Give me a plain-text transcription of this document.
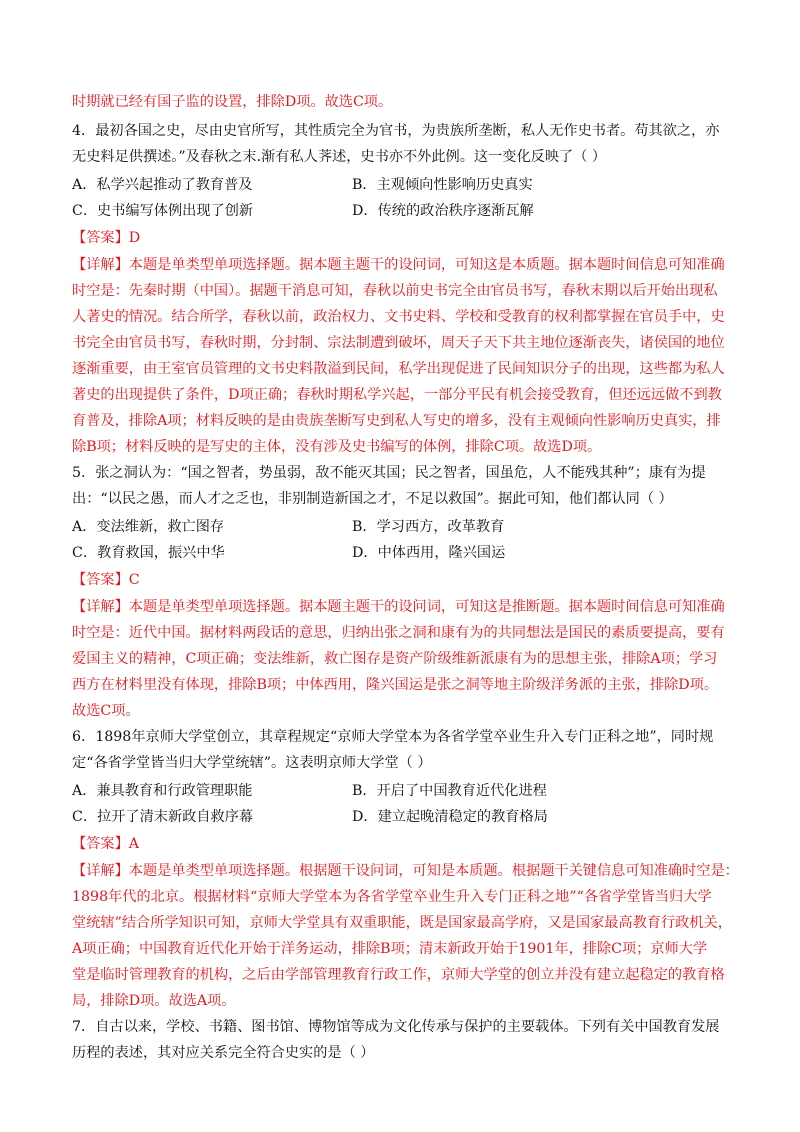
时期就已经有国子监的设置，排除D项。故选C项。
4．最初各国之史，尽由史官所写，其性质完全为官书，为贵族所垄断，私人无作史书者。苟其欲之，亦
无史料足供撰述。”及春秋之末.渐有私人荠述，史书亦不外此例。这一变化反映了（ ）
A．私学兴起推动了教育普及	B．主观倾向性影响历史真实
C．史书编写体例出现了创新	D．传统的政治秩序逐渐瓦解
【答案】D
【详解】本题是单类型单项选择题。据本题主题干的设问词，可知这是本质题。据本题时间信息可知准确
时空是：先秦时期（中国）。据题干消息可知，春秋以前史书完全由官员书写，春秋末期以后开始出现私
人著史的情况。结合所学，春秋以前，政治权力、文书史料、学校和受教育的权利都掌握在官员手中，史
书完全由官员书写，春秋时期，分封制、宗法制遭到破坏，周天子天下共主地位逐渐丧失，诸侯国的地位
逐渐重要，由王室官员管理的文书史料散溢到民间，私学出现促进了民间知识分子的出现，这些都为私人
著史的出现提供了条件，D项正确；春秋时期私学兴起，一部分平民有机会接受教育，但还远远做不到教
育普及，排除A项；材料反映的是由贵族垄断写史到私人写史的增多，没有主观倾向性影响历史真实，排
除B项；材料反映的是写史的主体，没有涉及史书编写的体例，排除C项。故选D项。
5．张之洞认为：“国之智者，势虽弱，敌不能灭其国；民之智者，国虽危，人不能残其种”；康有为提
出：“以民之愚，而人才之乏也，非别制造新国之才，不足以救国”。据此可知，他们都认同（ ）
A．变法维新，救亡图存	B．学习西方，改革教育
C．教育救国，振兴中华	D．中体西用，隆兴国运
【答案】C
【详解】本题是单类型单项选择题。据本题主题干的设问词，可知这是推断题。据本题时间信息可知准确
时空是：近代中国。据材料两段话的意思，归纳出张之洞和康有为的共同想法是国民的素质要提高，要有
爱国主义的精神，C项正确；变法维新，救亡图存是资产阶级维新派康有为的思想主张，排除A项；学习
西方在材料里没有体现，排除B项；中体西用，隆兴国运是张之洞等地主阶级洋务派的主张，排除D项。
故选C项。
6．1898年京师大学堂创立，其章程规定“京师大学堂本为各省学堂卒业生升入专门正科之地”，同时规
定“各省学堂皆当归大学堂统辖”。这表明京师大学堂（ ）
A．兼具教育和行政管理职能	B．开启了中国教育近代化进程
C．拉开了清末新政自救序幕	D．建立起晚清稳定的教育格局
【答案】A
【详解】本题是单类型单项选择题。根据题干设问词，可知是本质题。根据题干关键信息可知准确时空是：
1898年代的北京。根据材料“京师大学堂本为各省学堂卒业生升入专门正科之地”“各省学堂皆当归大学
堂统辖”结合所学知识可知，京师大学堂具有双重职能，既是国家最高学府，又是国家最高教育行政机关，
A项正确；中国教育近代化开始于洋务运动，排除B项；清末新政开始于1901年，排除C项；京师大学
堂是临时管理教育的机构，之后由学部管理教育行政工作，京师大学堂的创立并没有建立起稳定的教育格
局，排除D项。故选A项。
7．自古以来，学校、书籍、图书馆、博物馆等成为文化传承与保护的主要载体。下列有关中国教育发展
历程的表述，其对应关系完全符合史实的是（ ）
